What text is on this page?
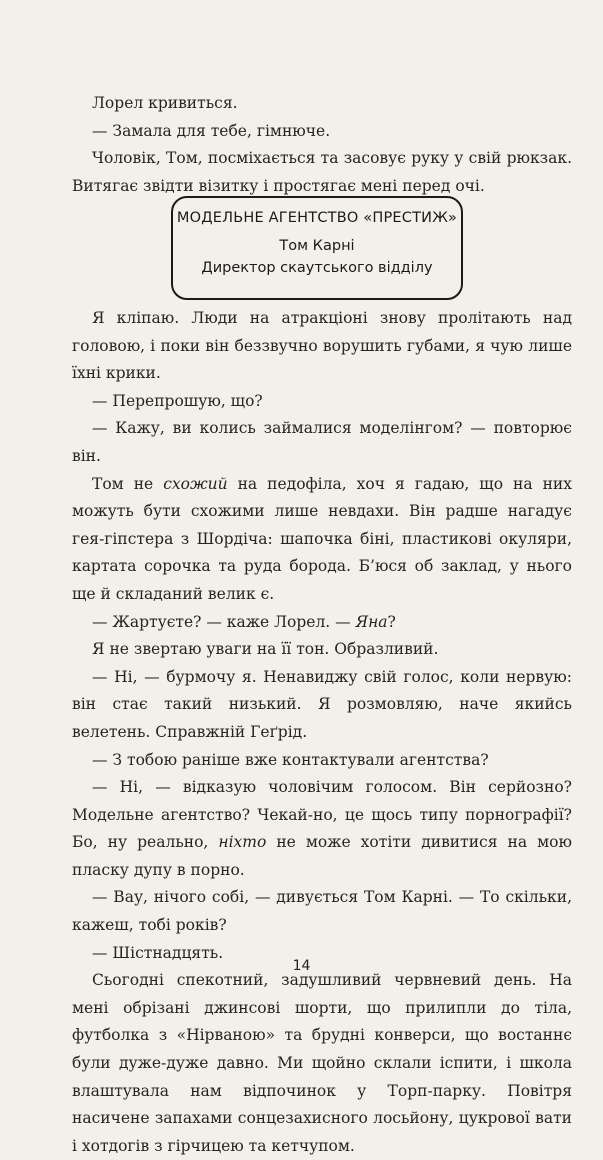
Лорел кривиться.

— Замала для тебе, гімнюче.

Чоловік, Том, посміхається та засовує руку у свій рюкзак. Витягає звідти візитку і простягає мені перед очі.

МОДЕЛЬНЕ АГЕНТСТВО «ПРЕСТИЖ»
Том Карні
Директор скаутського відділу

Я кліпаю. Люди на атракціоні знову пролітають над головою, і поки він беззвучно ворушить губами, я чую лише їхні крики.

— Перепрошую, що?

— Кажу, ви колись займалися моделінгом? — повторює він.

Том не схожий на педофіла, хоч я гадаю, що на них можуть бути схожими лише невдахи. Він радше нагадує гея-гіпстера з Шордіча: шапочка біні, пластикові окуляри, картата сорочка та руда борода. Б’юся об заклад, у нього ще й складаний велик є.

— Жартуєте? — каже Лорел. — Яна?

Я не звертаю уваги на її тон. Образливий.

— Ні, — бурмочу я. Ненавиджу свій голос, коли нервую: він стає такий низький. Я розмовляю, наче якийсь велетень. Справжній Геґрід.

— З тобою раніше вже контактували агентства?

— Ні, — відказую чоловічим голосом. Він серйозно? Модельне агентство? Чекай-но, це щось типу порнографії? Бо, ну реально, ніхто не може хотіти дивитися на мою пласку дупу в порно.

— Вау, нічого собі, — дивується Том Карні. — То скільки, кажеш, тобі років?

— Шістнадцять.

Сьогодні спекотний, задушливий червневий день. На мені обрізані джинсові шорти, що прилипли до тіла, футболка з «Нірваною» та брудні конверси, що востаннє були дуже-дуже давно. Ми щойно склали іспити, і школа влаштувала нам відпочинок у Торп-парку. Повітря насичене запахами сонцезахисного лосьйону, цукрової вати і хотдогів з гірчицею та кетчупом.

14
